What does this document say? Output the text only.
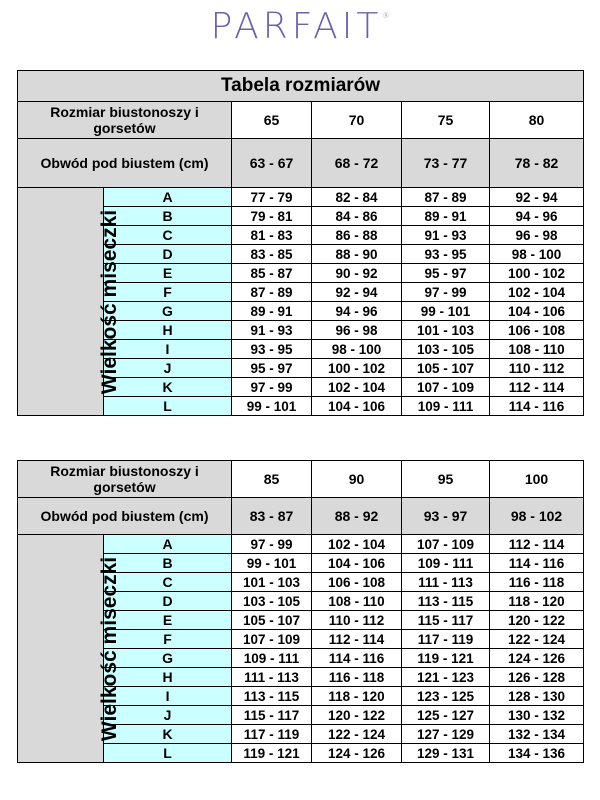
PARFAIT®
Tabela rozmiarów					
Rozmiar biustonoszy i gorsetów		65	70	75	80
Obwód pod biustem (cm)		63 - 67	68 - 72	73 - 77	78 - 82
Wielkość miseczki	A	77 - 79	82 - 84	87 - 89	92 - 94
	B	79 - 81	84 - 86	89 - 91	94 - 96
	C	81 - 83	86 - 88	91 - 93	96 - 98
	D	83 - 85	88 - 90	93 - 95	98 - 100
	E	85 - 87	90 - 92	95 - 97	100 - 102
	F	87 - 89	92 - 94	97 - 99	102 - 104
	G	89 - 91	94 - 96	99 - 101	104 - 106
	H	91 - 93	96 - 98	101 - 103	106 - 108
	I	93 - 95	98 - 100	103 - 105	108 - 110
	J	95 - 97	100 - 102	105 - 107	110 - 112
	K	97 - 99	102 - 104	107 - 109	112 - 114
	L	99 - 101	104 - 106	109 - 111	114 - 116
Rozmiar biustonoszy i gorsetów		85	90	95	100
Obwód pod biustem (cm)		83 - 87	88 - 92	93 - 97	98 - 102
Wielkość miseczki	A	97 - 99	102 - 104	107 - 109	112 - 114
	B	99 - 101	104 - 106	109 - 111	114 - 116
	C	101 - 103	106 - 108	111 - 113	116 - 118
	D	103 - 105	108 - 110	113 - 115	118 - 120
	E	105 - 107	110 - 112	115 - 117	120 - 122
	F	107 - 109	112 - 114	117 - 119	122 - 124
	G	109 - 111	114 - 116	119 - 121	124 - 126
	H	111 - 113	116 - 118	121 - 123	126 - 128
	I	113 - 115	118 - 120	123 - 125	128 - 130
	J	115 - 117	120 - 122	125 - 127	130 - 132
	K	117 - 119	122 - 124	127 - 129	132 - 134
	L	119 - 121	124 - 126	129 - 131	134 - 136
